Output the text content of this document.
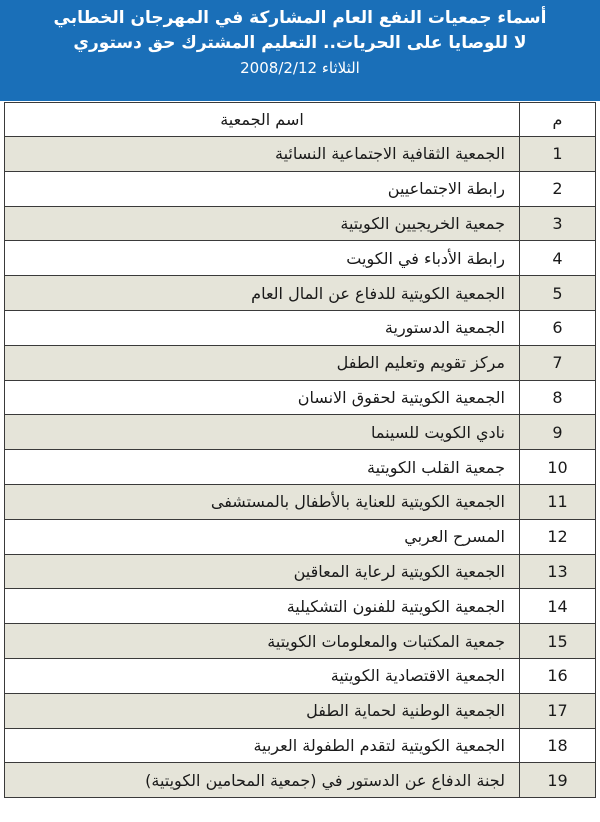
أسماء جمعيات النفع العام المشاركة في المهرجان الخطابي
لا للوصايا على الحريات.. التعليم المشترك حق دستوري
الثلاثاء 2008/2/12
م	اسم الجمعية
1	الجمعية الثقافية الاجتماعية النسائية
2	رابطة الاجتماعيين
3	جمعية الخريجيين الكويتية
4	رابطة الأدباء في الكويت
5	الجمعية الكويتية للدفاع عن المال العام
6	الجمعية الدستورية
7	مركز تقويم وتعليم الطفل
8	الجمعية الكويتية لحقوق الانسان
9	نادي الكويت للسينما
10	جمعية القلب الكويتية
11	الجمعية الكويتية للعناية بالأطفال بالمستشفى
12	المسرح العربي
13	الجمعية الكويتية لرعاية المعاقين
14	الجمعية الكويتية للفنون التشكيلية
15	جمعية المكتبات والمعلومات الكويتية
16	الجمعية الاقتصادية الكويتية
17	الجمعية الوطنية لحماية الطفل
18	الجمعية الكويتية لتقدم الطفولة العربية
19	لجنة الدفاع عن الدستور في (جمعية المحامين الكويتية)
